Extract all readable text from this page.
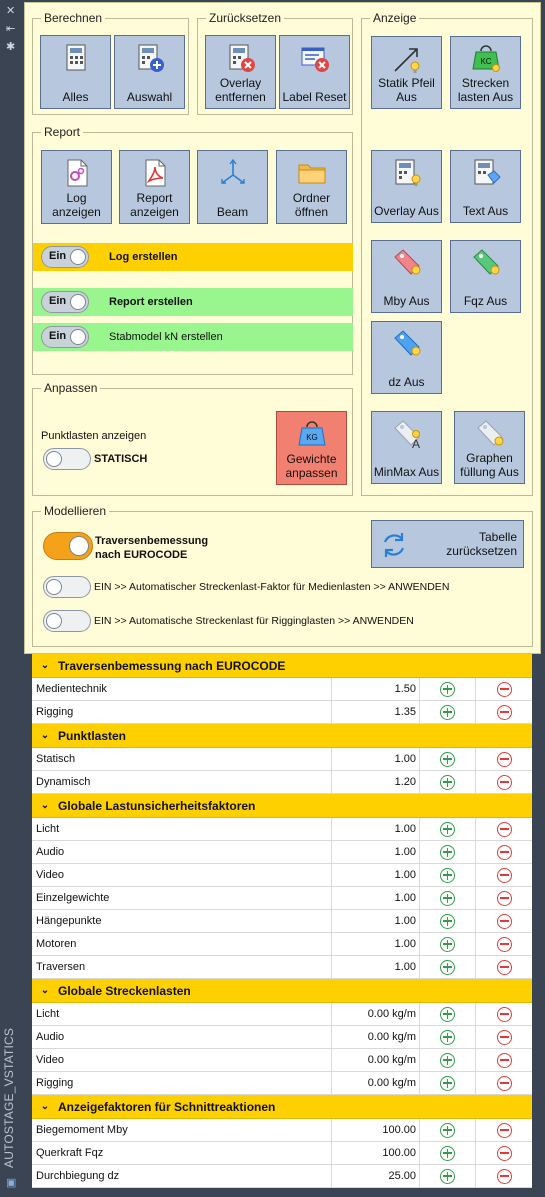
✕
⇤
✱
AUTOSTAGE_VSTATICS
▣
Berechnen
Alles	Auswahl
Zurücksetzen
Overlay entfernen	Label Reset
Anzeige
Statik Pfeil Aus
KC
Strecken lasten Aus
Overlay Aus Text Aus
Mby Aus	Fqz Aus
dz Aus
A
MinMax Aus
Graphen füllung Aus
Report
Log anzeigen
Report anzeigen	Beam
Ordner öffnen
Ein	Log erstellen
Ein	Report erstellen
Ein	Stabmodel kN erstellen
Anpassen
Punktlasten anzeigen
STATISCH
KG
Gewichte anpassen
Modellieren
Traversenbemessung nach EUROCODE
Tabelle zurücksetzen
EIN >> Automatischer Streckenlast-Faktor für Medienlasten >> ANWENDEN
EIN >> Automatische Streckenlast für Rigginglasten >> ANWENDEN
⌄ Traversenbemessung nach EUROCODE
Medientechnik	1.50
Rigging	1.35
⌄ Punktlasten
Statisch	1.00
Dynamisch	1.20
⌄ Globale Lastunsicherheitsfaktoren
Licht	1.00
Audio	1.00
Video	1.00
Einzelgewichte	1.00
Hängepunkte	1.00
Motoren	1.00
Traversen	1.00
⌄ Globale Streckenlasten
Licht	0.00 kg/m
Audio	0.00 kg/m
Video	0.00 kg/m
Rigging	0.00 kg/m
⌄ Anzeigefaktoren für Schnittreaktionen
Biegemoment Mby	100.00
Querkraft Fqz	100.00
Durchbiegung dz	25.00
